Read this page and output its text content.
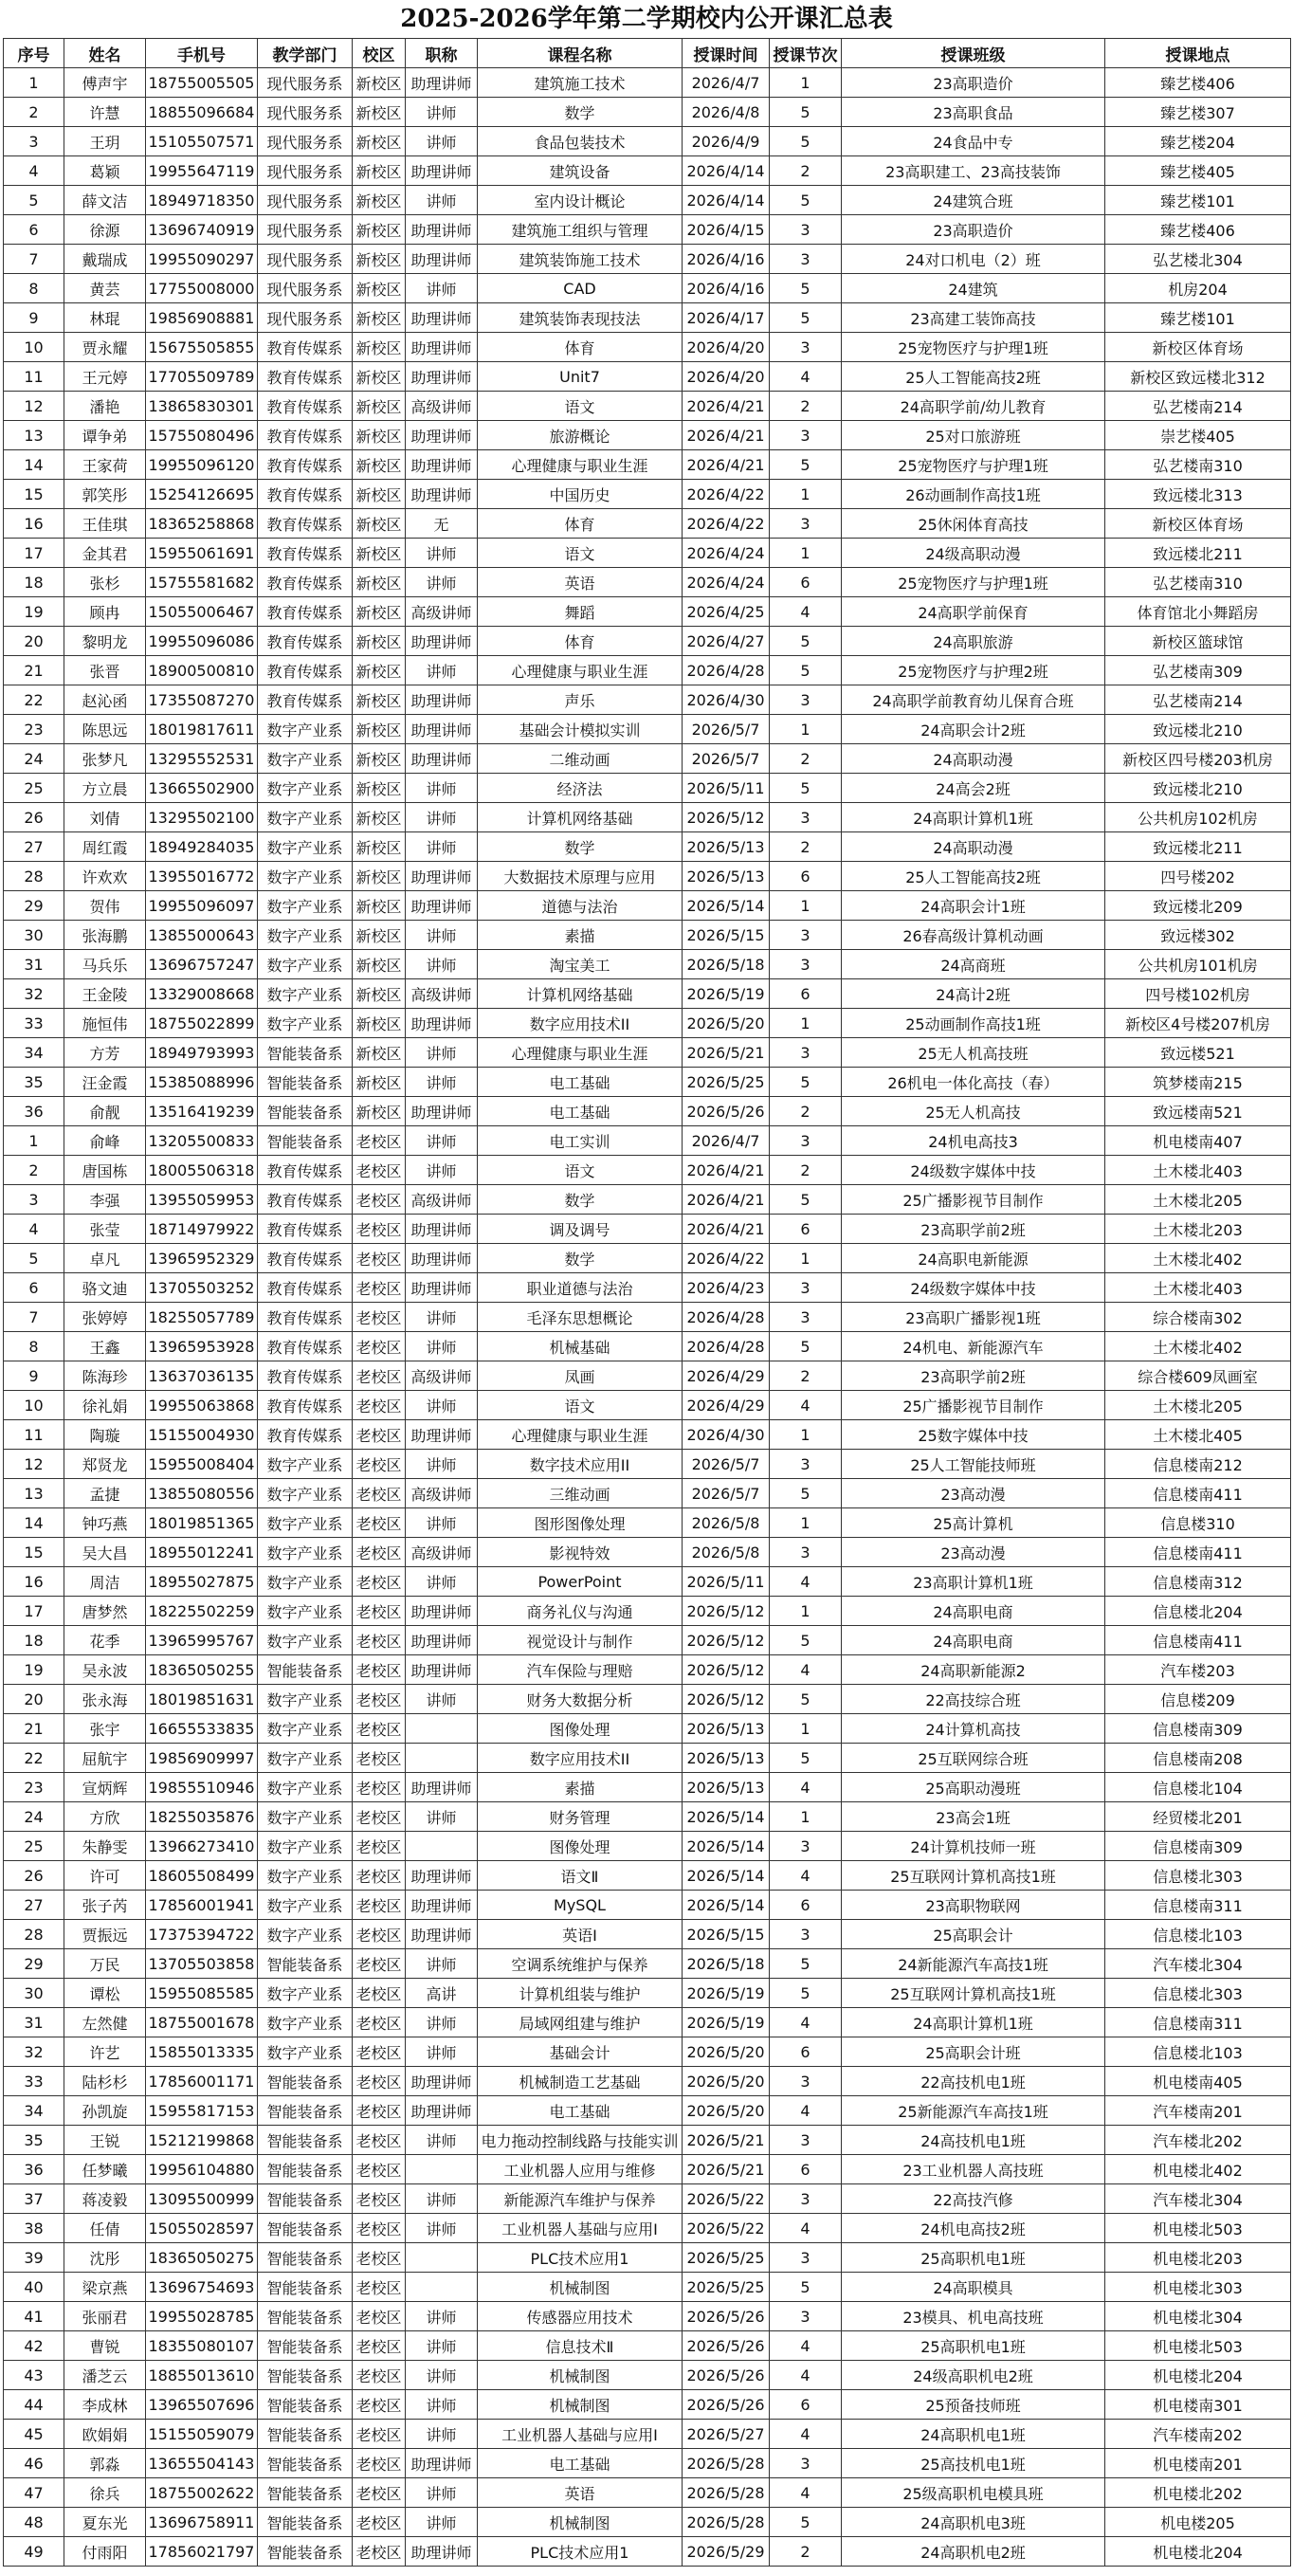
2025-2026学年第二学期校内公开课汇总表
序号	姓名	手机号	教学部门	校区	职称	课程名称	授课时间	授课节次	授课班级	授课地点
1	傅声宇	18755005505	现代服务系	新校区	助理讲师	建筑施工技术	2026/4/7	1	23高职造价	臻艺楼406
2	许慧	18855096684	现代服务系	新校区	讲师	数学	2026/4/8	5	23高职食品	臻艺楼307
3	王玥	15105507571	现代服务系	新校区	讲师	食品包装技术	2026/4/9	5	24食品中专	臻艺楼204
4	葛颖	19955647119	现代服务系	新校区	助理讲师	建筑设备	2026/4/14	2	23高职建工、23高技装饰	臻艺楼405
5	薛文洁	18949718350	现代服务系	新校区	讲师	室内设计概论	2026/4/14	5	24建筑合班	臻艺楼101
6	徐源	13696740919	现代服务系	新校区	助理讲师	建筑施工组织与管理	2026/4/15	3	23高职造价	臻艺楼406
7	戴瑞成	19955090297	现代服务系	新校区	助理讲师	建筑装饰施工技术	2026/4/16	3	24对口机电（2）班	弘艺楼北304
8	黄芸	17755008000	现代服务系	新校区	讲师	CAD	2026/4/16	5	24建筑	机房204
9	林琨	19856908881	现代服务系	新校区	助理讲师	建筑装饰表现技法	2026/4/17	5	23高建工装饰高技	臻艺楼101
10	贾永耀	15675505855	教育传媒系	新校区	助理讲师	体育	2026/4/20	3	25宠物医疗与护理1班	新校区体育场
11	王元婷	17705509789	教育传媒系	新校区	助理讲师	Unit7	2026/4/20	4	25人工智能高技2班	新校区致远楼北312
12	潘艳	13865830301	教育传媒系	新校区	高级讲师	语文	2026/4/21	2	24高职学前/幼儿教育	弘艺楼南214
13	谭争弟	15755080496	教育传媒系	新校区	助理讲师	旅游概论	2026/4/21	3	25对口旅游班	崇艺楼405
14	王家荷	19955096120	教育传媒系	新校区	助理讲师	心理健康与职业生涯	2026/4/21	5	25宠物医疗与护理1班	弘艺楼南310
15	郭笑彤	15254126695	教育传媒系	新校区	助理讲师	中国历史	2026/4/22	1	26动画制作高技1班	致远楼北313
16	王佳琪	18365258868	教育传媒系	新校区	无	体育	2026/4/22	3	25休闲体育高技	新校区体育场
17	金其君	15955061691	教育传媒系	新校区	讲师	语文	2026/4/24	1	24级高职动漫	致远楼北211
18	张杉	15755581682	教育传媒系	新校区	讲师	英语	2026/4/24	6	25宠物医疗与护理1班	弘艺楼南310
19	顾冉	15055006467	教育传媒系	新校区	高级讲师	舞蹈	2026/4/25	4	24高职学前保育	体育馆北小舞蹈房
20	黎明龙	19955096086	教育传媒系	新校区	助理讲师	体育	2026/4/27	5	24高职旅游	新校区篮球馆
21	张晋	18900500810	教育传媒系	新校区	讲师	心理健康与职业生涯	2026/4/28	5	25宠物医疗与护理2班	弘艺楼南309
22	赵沁函	17355087270	教育传媒系	新校区	助理讲师	声乐	2026/4/30	3	24高职学前教育幼儿保育合班	弘艺楼南214
23	陈思远	18019817611	数字产业系	新校区	助理讲师	基础会计模拟实训	2026/5/7	1	24高职会计2班	致远楼北210
24	张梦凡	13295552531	数字产业系	新校区	助理讲师	二维动画	2026/5/7	2	24高职动漫	新校区四号楼203机房
25	方立晨	13665502900	数字产业系	新校区	讲师	经济法	2026/5/11	5	24高会2班	致远楼北210
26	刘倩	13295502100	数字产业系	新校区	讲师	计算机网络基础	2026/5/12	3	24高职计算机1班	公共机房102机房
27	周红霞	18949284035	数字产业系	新校区	讲师	数学	2026/5/13	2	24高职动漫	致远楼北211
28	许欢欢	13955016772	数字产业系	新校区	助理讲师	大数据技术原理与应用	2026/5/13	6	25人工智能高技2班	四号楼202
29	贺伟	19955096097	数字产业系	新校区	助理讲师	道德与法治	2026/5/14	1	24高职会计1班	致远楼北209
30	张海鹏	13855000643	数字产业系	新校区	讲师	素描	2026/5/15	3	26春高级计算机动画	致远楼302
31	马兵乐	13696757247	数字产业系	新校区	讲师	淘宝美工	2026/5/18	3	24高商班	公共机房101机房
32	王金陵	13329008668	数字产业系	新校区	高级讲师	计算机网络基础	2026/5/19	6	24高计2班	四号楼102机房
33	施恒伟	18755022899	数字产业系	新校区	助理讲师	数字应用技术II	2026/5/20	1	25动画制作高技1班	新校区4号楼207机房
34	方芳	18949793993	智能装备系	新校区	讲师	心理健康与职业生涯	2026/5/21	3	25无人机高技班	致远楼521
35	汪金霞	15385088996	智能装备系	新校区	讲师	电工基础	2026/5/25	5	26机电一体化高技（春）	筑梦楼南215
36	俞靓	13516419239	智能装备系	新校区	助理讲师	电工基础	2026/5/26	2	25无人机高技	致远楼南521
1	俞峰	13205500833	智能装备系	老校区	讲师	电工实训	2026/4/7	3	24机电高技3	机电楼南407
2	唐国栋	18005506318	教育传媒系	老校区	讲师	语文	2026/4/21	2	24级数字媒体中技	土木楼北403
3	李强	13955059953	教育传媒系	老校区	高级讲师	数学	2026/4/21	5	25广播影视节目制作	土木楼北205
4	张莹	18714979922	教育传媒系	老校区	助理讲师	调及调号	2026/4/21	6	23高职学前2班	土木楼北203
5	卓凡	13965952329	教育传媒系	老校区	助理讲师	数学	2026/4/22	1	24高职电新能源	土木楼北402
6	骆文迪	13705503252	教育传媒系	老校区	助理讲师	职业道德与法治	2026/4/23	3	24级数字媒体中技	土木楼北403
7	张婷婷	18255057789	教育传媒系	老校区	讲师	毛泽东思想概论	2026/4/28	3	23高职广播影视1班	综合楼南302
8	王鑫	13965953928	教育传媒系	老校区	讲师	机械基础	2026/4/28	5	24机电、新能源汽车	土木楼北402
9	陈海珍	13637036135	教育传媒系	老校区	高级讲师	凤画	2026/4/29	2	23高职学前2班	综合楼609凤画室
10	徐礼娟	19955063868	教育传媒系	老校区	讲师	语文	2026/4/29	4	25广播影视节目制作	土木楼北205
11	陶璇	15155004930	教育传媒系	老校区	助理讲师	心理健康与职业生涯	2026/4/30	1	25数字媒体中技	土木楼北405
12	郑贤龙	15955008404	数字产业系	老校区	讲师	数字技术应用II	2026/5/7	3	25人工智能技师班	信息楼南212
13	孟捷	13855080556	数字产业系	老校区	高级讲师	三维动画	2026/5/7	5	23高动漫	信息楼南411
14	钟巧燕	18019851365	数字产业系	老校区	讲师	图形图像处理	2026/5/8	1	25高计算机	信息楼310
15	吴大昌	18955012241	数字产业系	老校区	高级讲师	影视特效	2026/5/8	3	23高动漫	信息楼南411
16	周洁	18955027875	数字产业系	老校区	讲师	PowerPoint	2026/5/11	4	23高职计算机1班	信息楼南312
17	唐梦然	18225502259	数字产业系	老校区	助理讲师	商务礼仪与沟通	2026/5/12	1	24高职电商	信息楼北204
18	花季	13965995767	数字产业系	老校区	助理讲师	视觉设计与制作	2026/5/12	5	24高职电商	信息楼南411
19	吴永波	18365050255	智能装备系	老校区	助理讲师	汽车保险与理赔	2026/5/12	4	24高职新能源2	汽车楼203
20	张永海	18019851631	数字产业系	老校区	讲师	财务大数据分析	2026/5/12	5	22高技综合班	信息楼209
21	张宇	16655533835	数字产业系	老校区		图像处理	2026/5/13	1	24计算机高技	信息楼南309
22	屈航宇	19856909997	数字产业系	老校区		数字应用技术II	2026/5/13	5	25互联网综合班	信息楼南208
23	宣炳辉	19855510946	数字产业系	老校区	助理讲师	素描	2026/5/13	4	25高职动漫班	信息楼北104
24	方欣	18255035876	数字产业系	老校区	讲师	财务管理	2026/5/14	1	23高会1班	经贸楼北201
25	朱静雯	13966273410	数字产业系	老校区		图像处理	2026/5/14	3	24计算机技师一班	信息楼南309
26	许可	18605508499	数字产业系	老校区	助理讲师	语文Ⅱ	2026/5/14	4	25互联网计算机高技1班	信息楼北303
27	张子芮	17856001941	数字产业系	老校区	助理讲师	MySQL	2026/5/14	6	23高职物联网	信息楼南311
28	贾振远	17375394722	数字产业系	老校区	助理讲师	英语Ⅰ	2026/5/15	3	25高职会计	信息楼北103
29	万民	13705503858	智能装备系	老校区	讲师	空调系统维护与保养	2026/5/18	5	24新能源汽车高技1班	汽车楼北304
30	谭松	15955085585	数字产业系	老校区	高讲	计算机组装与维护	2026/5/19	5	25互联网计算机高技1班	信息楼北303
31	左然健	18755001678	数字产业系	老校区	讲师	局域网组建与维护	2026/5/19	4	24高职计算机1班	信息楼南311
32	许艺	15855013335	数字产业系	老校区	讲师	基础会计	2026/5/20	6	25高职会计班	信息楼北103
33	陆杉杉	17856001171	智能装备系	老校区	助理讲师	机械制造工艺基础	2026/5/20	3	22高技机电1班	机电楼南405
34	孙凯旋	15955817153	智能装备系	老校区	助理讲师	电工基础	2026/5/20	4	25新能源汽车高技1班	汽车楼南201
35	王锐	15212199868	智能装备系	老校区	讲师	电力拖动控制线路与技能实训	2026/5/21	3	24高技机电1班	汽车楼北202
36	任梦曦	19956104880	智能装备系	老校区		工业机器人应用与维修	2026/5/21	6	23工业机器人高技班	机电楼北402
37	蒋凌毅	13095500999	智能装备系	老校区	讲师	新能源汽车维护与保养	2026/5/22	3	22高技汽修	汽车楼北304
38	任倩	15055028597	智能装备系	老校区	讲师	工业机器人基础与应用Ⅰ	2026/5/22	4	24机电高技2班	机电楼北503
39	沈彤	18365050275	智能装备系	老校区		PLC技术应用1	2026/5/25	3	25高职机电1班	机电楼北203
40	梁京燕	13696754693	智能装备系	老校区		机械制图	2026/5/25	5	24高职模具	机电楼北303
41	张丽君	19955028785	智能装备系	老校区	讲师	传感器应用技术	2026/5/26	3	23模具、机电高技班	机电楼北304
42	曹锐	18355080107	智能装备系	老校区	讲师	信息技术Ⅱ	2026/5/26	4	25高职机电1班	机电楼北503
43	潘芝云	18855013610	智能装备系	老校区	讲师	机械制图	2026/5/26	4	24级高职机电2班	机电楼北204
44	李成林	13965507696	智能装备系	老校区	讲师	机械制图	2026/5/26	6	25预备技师班	机电楼南301
45	欧娟娟	15155059079	智能装备系	老校区	讲师	工业机器人基础与应用Ⅰ	2026/5/27	4	24高职机电1班	汽车楼南202
46	郭淼	13655504143	智能装备系	老校区	助理讲师	电工基础	2026/5/28	3	25高技机电1班	机电楼南201
47	徐兵	18755002622	智能装备系	老校区	讲师	英语	2026/5/28	4	25级高职机电模具班	机电楼北202
48	夏东光	13696758911	智能装备系	老校区	讲师	机械制图	2026/5/28	5	24高职机电3班	机电楼205
49	付雨阳	17856021797	智能装备系	老校区	助理讲师	PLC技术应用1	2026/5/29	2	24高职机电2班	机电楼北204
